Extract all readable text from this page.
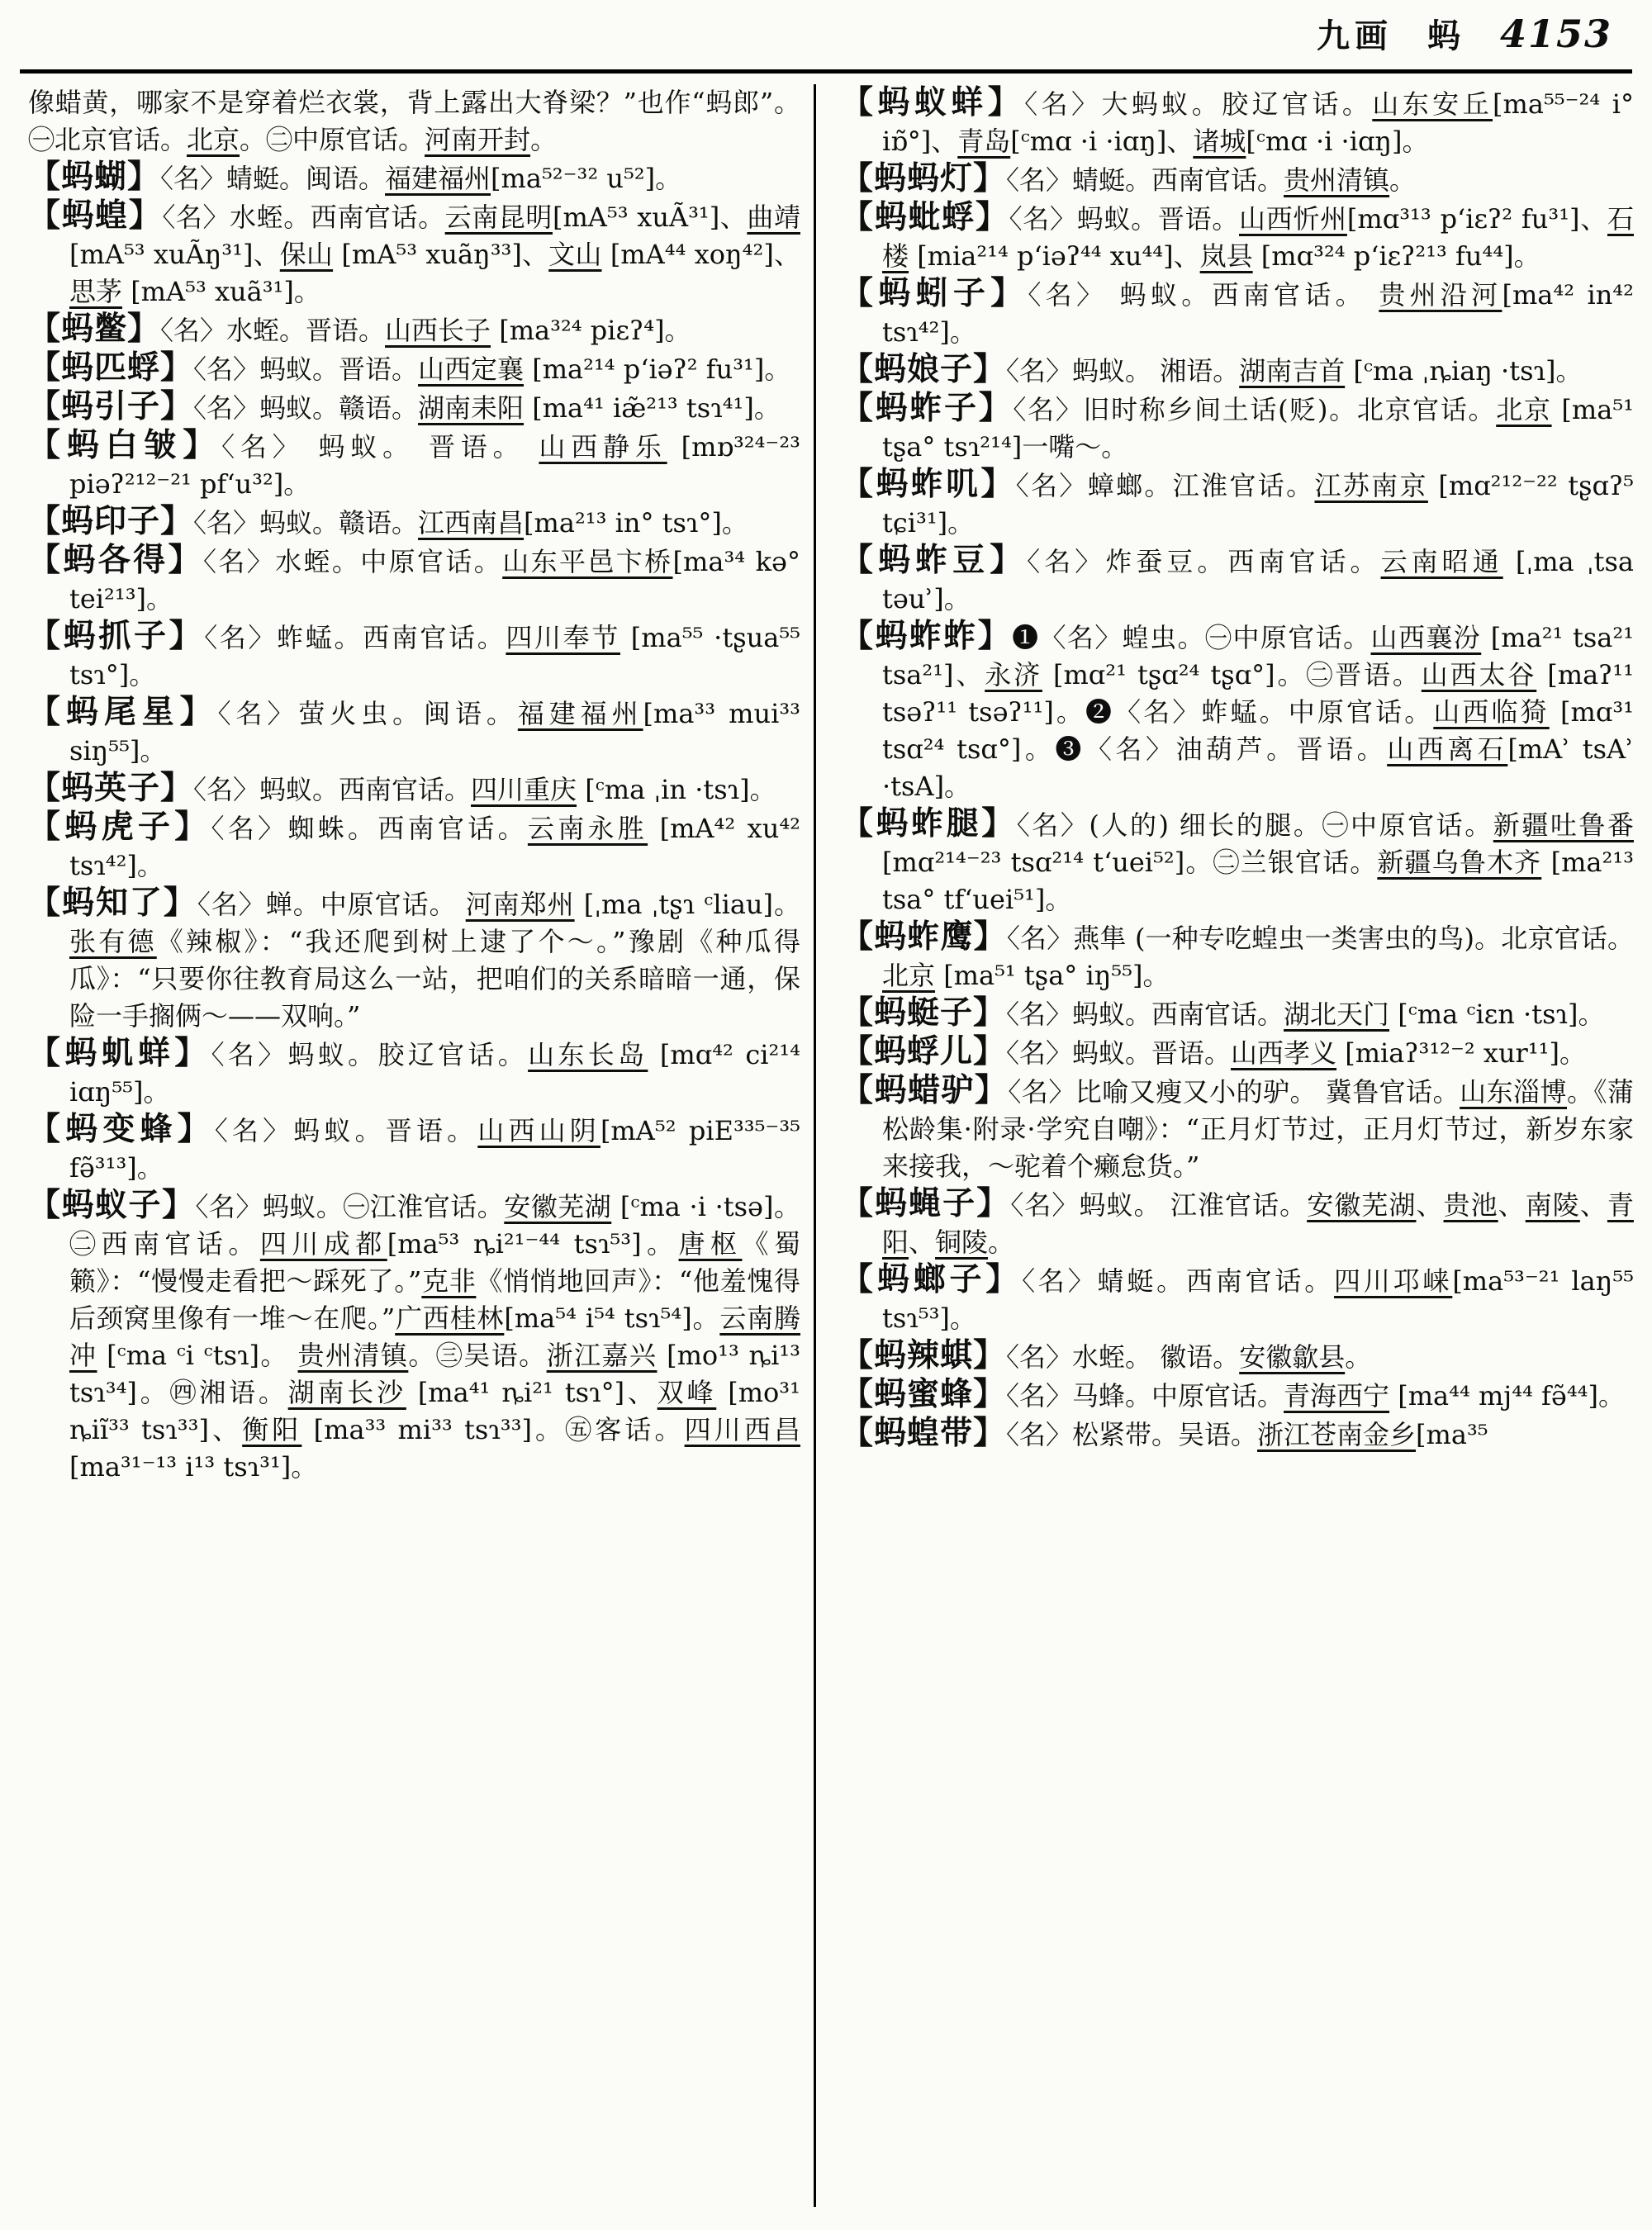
九画 蚂 4153

像蜡黄，哪家不是穿着烂衣裳，背上露出大脊梁？”也作“蚂郎”。㊀北京官话。北京。㊁中原官话。河南开封。

【蚂蝴】〈名〉蜻蜓。闽语。福建福州[ma⁵²⁻³² u⁵²]。

【蚂蝗】〈名〉水蛭。西南官话。云南昆明[mA⁵³ xuÃ³¹]、曲靖 [mA⁵³ xuÃŋ³¹]、保山 [mA⁵³ xuãŋ³³]、文山 [mA⁴⁴ xoŋ⁴²]、思茅 [mA⁵³ xuã³¹]。

【蚂鳖】〈名〉水蛭。晋语。山西长子 [ma³²⁴ piɛʔ⁴]。

【蚂匹蜉】〈名〉蚂蚁。晋语。山西定襄 [ma²¹⁴ p‘iəʔ² fu³¹]。

【蚂引子】〈名〉蚂蚁。赣语。湖南耒阳 [ma⁴¹ iæ̃²¹³ tsɿ⁴¹]。

【蚂白皱】〈名〉 蚂蚁。 晋语。 山西静乐 [mɒ³²⁴⁻²³ piəʔ²¹²⁻²¹ pf‘u³²]。

【蚂印子】〈名〉蚂蚁。赣语。江西南昌[ma²¹³ in° tsɿ°]。

【蚂各得】〈名〉水蛭。中原官话。山东平邑卞桥[ma³⁴ kə° tei²¹³]。

【蚂抓子】〈名〉蚱蜢。西南官话。四川奉节 [ma⁵⁵ ·tʂua⁵⁵ tsɿ°]。

【蚂尾星】〈名〉萤火虫。闽语。福建福州[ma³³ mui³³ siŋ⁵⁵]。

【蚂英子】〈名〉蚂蚁。西南官话。四川重庆 [ᶜma ˌin ·tsɿ]。

【蚂虎子】〈名〉蜘蛛。西南官话。云南永胜 [mA⁴² xu⁴² tsɿ⁴²]。

【蚂知了】〈名〉蝉。中原官话。 河南郑州 [ˌma ˌtʂɿ ᶜliau]。张有德《辣椒》：“我还爬到树上逮了个～。”豫剧《种瓜得瓜》：“只要你往教育局这么一站，把咱们的关系暗暗一通，保险一手搁俩～——双响。”

【蚂虮蛘】〈名〉蚂蚁。胶辽官话。山东长岛 [mɑ⁴² ci²¹⁴ iɑŋ⁵⁵]。

【蚂变蜂】〈名〉蚂蚁。晋语。山西山阴[mA⁵² piE³³⁵⁻³⁵ fə̃³¹³]。

【蚂蚁子】〈名〉蚂蚁。㊀江淮官话。安徽芜湖 [ᶜma ·i ·tsə]。㊁西南官话。四川成都[ma⁵³ ȵi²¹⁻⁴⁴ tsɿ⁵³]。唐枢《蜀籁》：“慢慢走看把～踩死了。”克非《悄悄地回声》：“他羞愧得后颈窝里像有一堆～在爬。”广西桂林[ma⁵⁴ i⁵⁴ tsɿ⁵⁴]。云南腾冲 [ᶜma ᶜi ᶜtsɿ]。 贵州清镇。㊂吴语。浙江嘉兴 [mo¹³ ȵi¹³ tsɿ³⁴]。㊃湘语。湖南长沙 [ma⁴¹ ȵi²¹ tsɿ°]、双峰 [mo³¹ ȵiĩ³³ tsɿ³³]、衡阳 [ma³³ mi³³ tsɿ³³]。㊄客话。四川西昌[ma³¹⁻¹³ i¹³ tsɿ³¹]。

【蚂蚁蛘】〈名〉大蚂蚁。胶辽官话。山东安丘[ma⁵⁵⁻²⁴ i° iɒ̃°]、青岛[ᶜmɑ ·i ·iɑŋ]、诸城[ᶜmɑ ·i ·iɑŋ]。

【蚂蚂灯】〈名〉蜻蜓。西南官话。贵州清镇。

【蚂蚍蜉】〈名〉蚂蚁。晋语。山西忻州[mɑ³¹³ p‘iɛʔ² fu³¹]、石楼 [mia²¹⁴ p‘iəʔ⁴⁴ xu⁴⁴]、岚县 [mɑ³²⁴ p‘iɛʔ²¹³ fu⁴⁴]。

【蚂蚓子】〈名〉 蚂蚁。西南官话。 贵州沿河[ma⁴² in⁴² tsɿ⁴²]。

【蚂娘子】〈名〉蚂蚁。 湘语。湖南吉首 [ᶜma ˌȵiaŋ ·tsɿ]。

【蚂蚱子】〈名〉旧时称乡间土话(贬)。北京官话。北京 [ma⁵¹ tʂa° tsɿ²¹⁴]一嘴～。

【蚂蚱叽】〈名〉蟑螂。江淮官话。江苏南京 [mɑ²¹²⁻²² tʂɑʔ⁵ tɕi³¹]。

【蚂蚱豆】〈名〉炸蚕豆。西南官话。云南昭通 [ˌma ˌtsa təuʾ]。

【蚂蚱蚱】❶〈名〉蝗虫。㊀中原官话。山西襄汾 [ma²¹ tsa²¹ tsa²¹]、永济 [mɑ²¹ tʂɑ²⁴ tʂɑ°]。㊁晋语。山西太谷 [maʔ¹¹ tsəʔ¹¹ tsəʔ¹¹]。❷〈名〉蚱蜢。中原官话。山西临猗 [mɑ³¹ tsɑ²⁴ tsɑ°]。❸〈名〉油葫芦。晋语。山西离石[mAʾ tsAʾ ·tsA]。

【蚂蚱腿】〈名〉(人的) 细长的腿。㊀中原官话。新疆吐鲁番 [mɑ²¹⁴⁻²³ tsɑ²¹⁴ t‘uei⁵²]。㊁兰银官话。新疆乌鲁木齐 [ma²¹³ tsa° tf‘uei⁵¹]。

【蚂蚱鹰】〈名〉燕隼 (一种专吃蝗虫一类害虫的鸟)。北京官话。北京 [ma⁵¹ tʂa° iŋ⁵⁵]。

【蚂蜓子】〈名〉蚂蚁。西南官话。湖北天门 [ᶜma ᶜiɛn ·tsɿ]。

【蚂蜉儿】〈名〉蚂蚁。晋语。山西孝义 [miaʔ³¹²⁻² xur¹¹]。

【蚂蜡驴】〈名〉比喻又瘦又小的驴。 冀鲁官话。山东淄博。《蒲松龄集·附录·学究自嘲》：“正月灯节过，正月灯节过，新岁东家来接我，～驼着个癞怠货。”

【蚂蝇子】〈名〉蚂蚁。 江淮官话。安徽芜湖、贵池、南陵、青阳、铜陵。

【蚂螂子】〈名〉蜻蜓。西南官话。四川邛崃[ma⁵³⁻²¹ laŋ⁵⁵ tsɿ⁵³]。

【蚂辣蜞】〈名〉水蛭。 徽语。安徽歙县。

【蚂蜜蜂】〈名〉马蜂。中原官话。青海西宁 [ma⁴⁴ mj⁴⁴ fə̃⁴⁴]。

【蚂蝗带】〈名〉松紧带。吴语。浙江苍南金乡[ma³⁵
